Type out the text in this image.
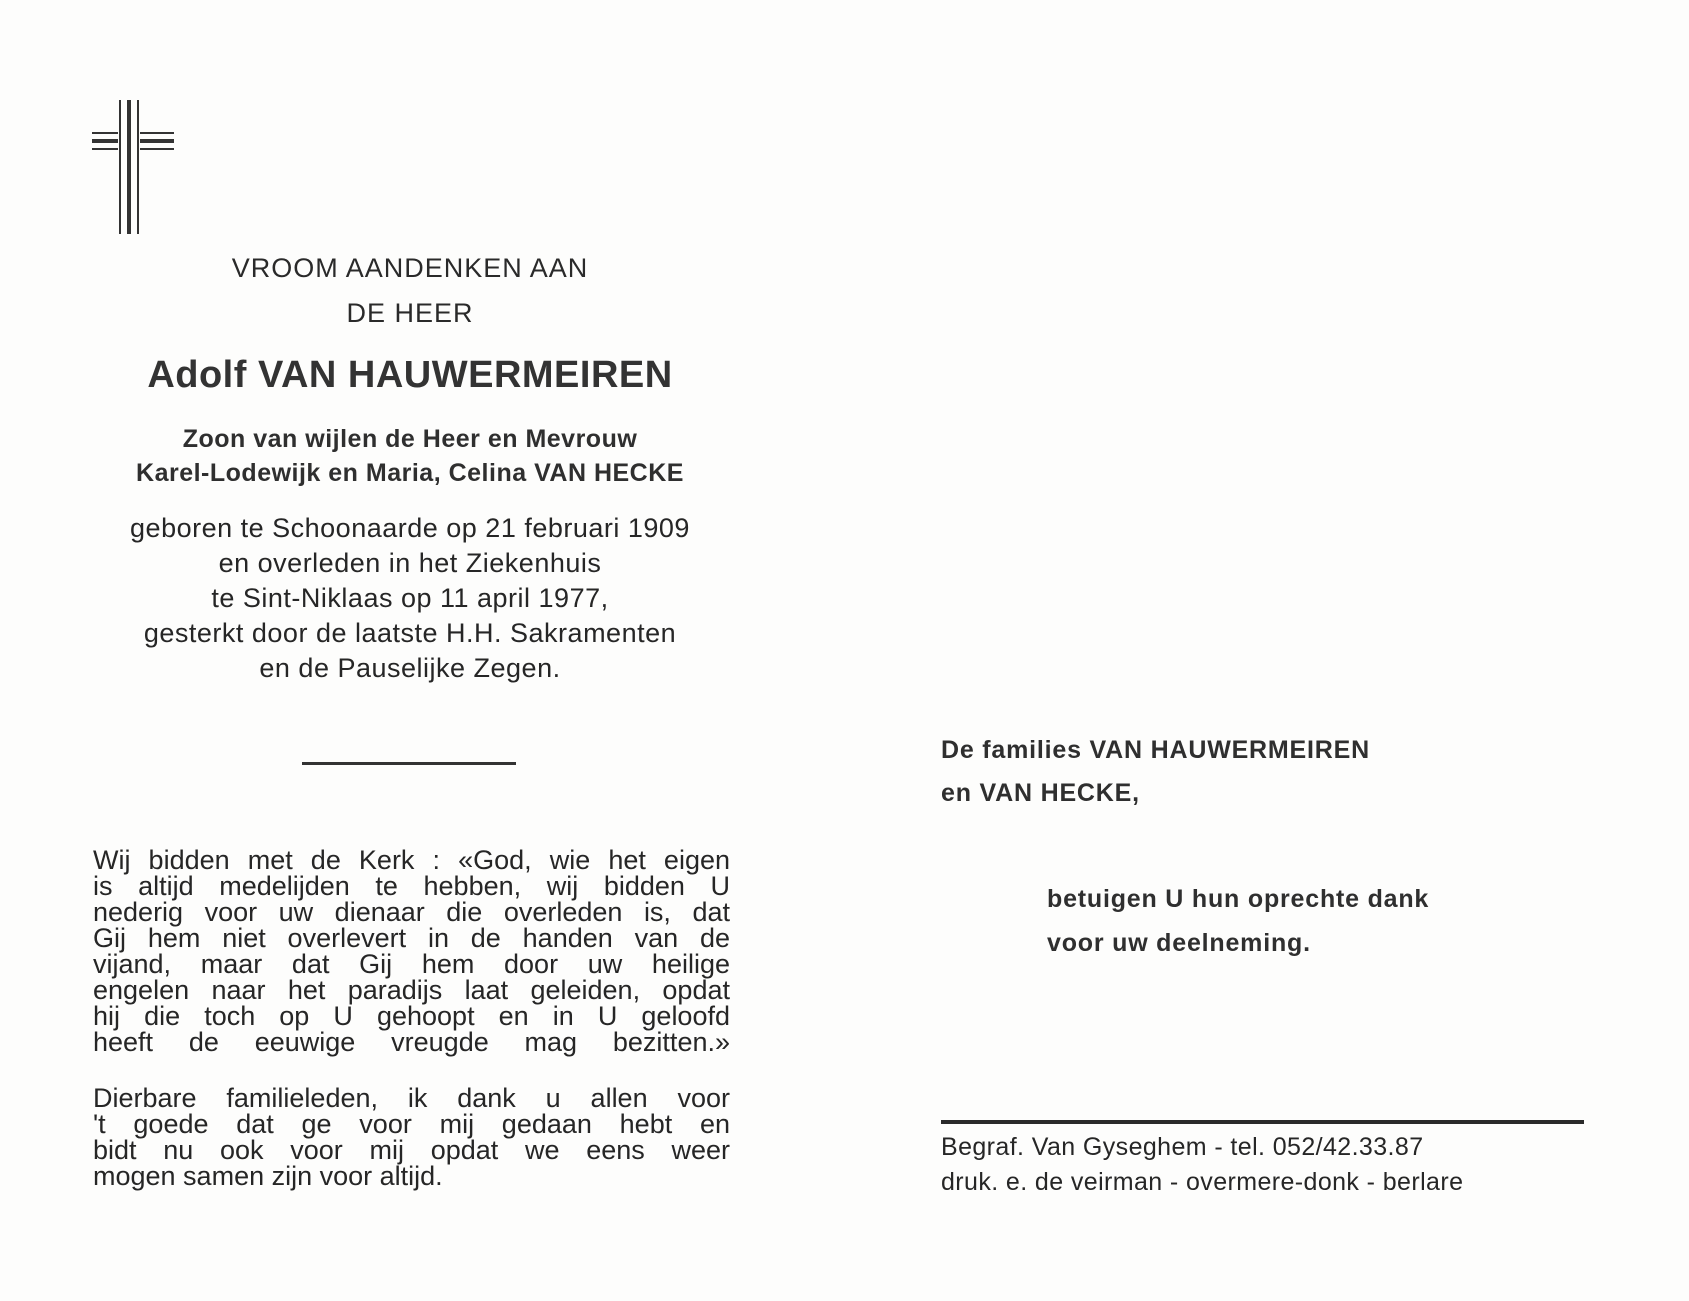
VROOM AANDENKEN AAN
DE HEER
Adolf VAN HAUWERMEIREN
Zoon van wijlen de Heer en Mevrouw
Karel-Lodewijk en Maria, Celina VAN HECKE
geboren te Schoonaarde op 21 februari 1909
en overleden in het Ziekenhuis
te Sint-Niklaas op 11 april 1977,
gesterkt door de laatste H.H. Sakramenten
en de Pauselijke Zegen.
Wij bidden met de Kerk : «God, wie het eigen
is altijd medelijden te hebben, wij bidden U
nederig voor uw dienaar die overleden is, dat
Gij hem niet overlevert in de handen van de
vijand, maar dat Gij hem door uw heilige
engelen naar het paradijs laat geleiden, opdat
hij die toch op U gehoopt en in U geloofd
heeft de eeuwige vreugde mag bezitten.»
Dierbare familieleden, ik dank u allen voor
't goede dat ge voor mij gedaan hebt en
bidt nu ook voor mij opdat we eens weer
mogen samen zijn voor altijd.
De families VAN HAUWERMEIREN
en VAN HECKE,
betuigen U hun oprechte dank
voor uw deelneming.
Begraf. Van Gyseghem - tel. 052/42.33.87
druk. e. de veirman - overmere-donk - berlare
